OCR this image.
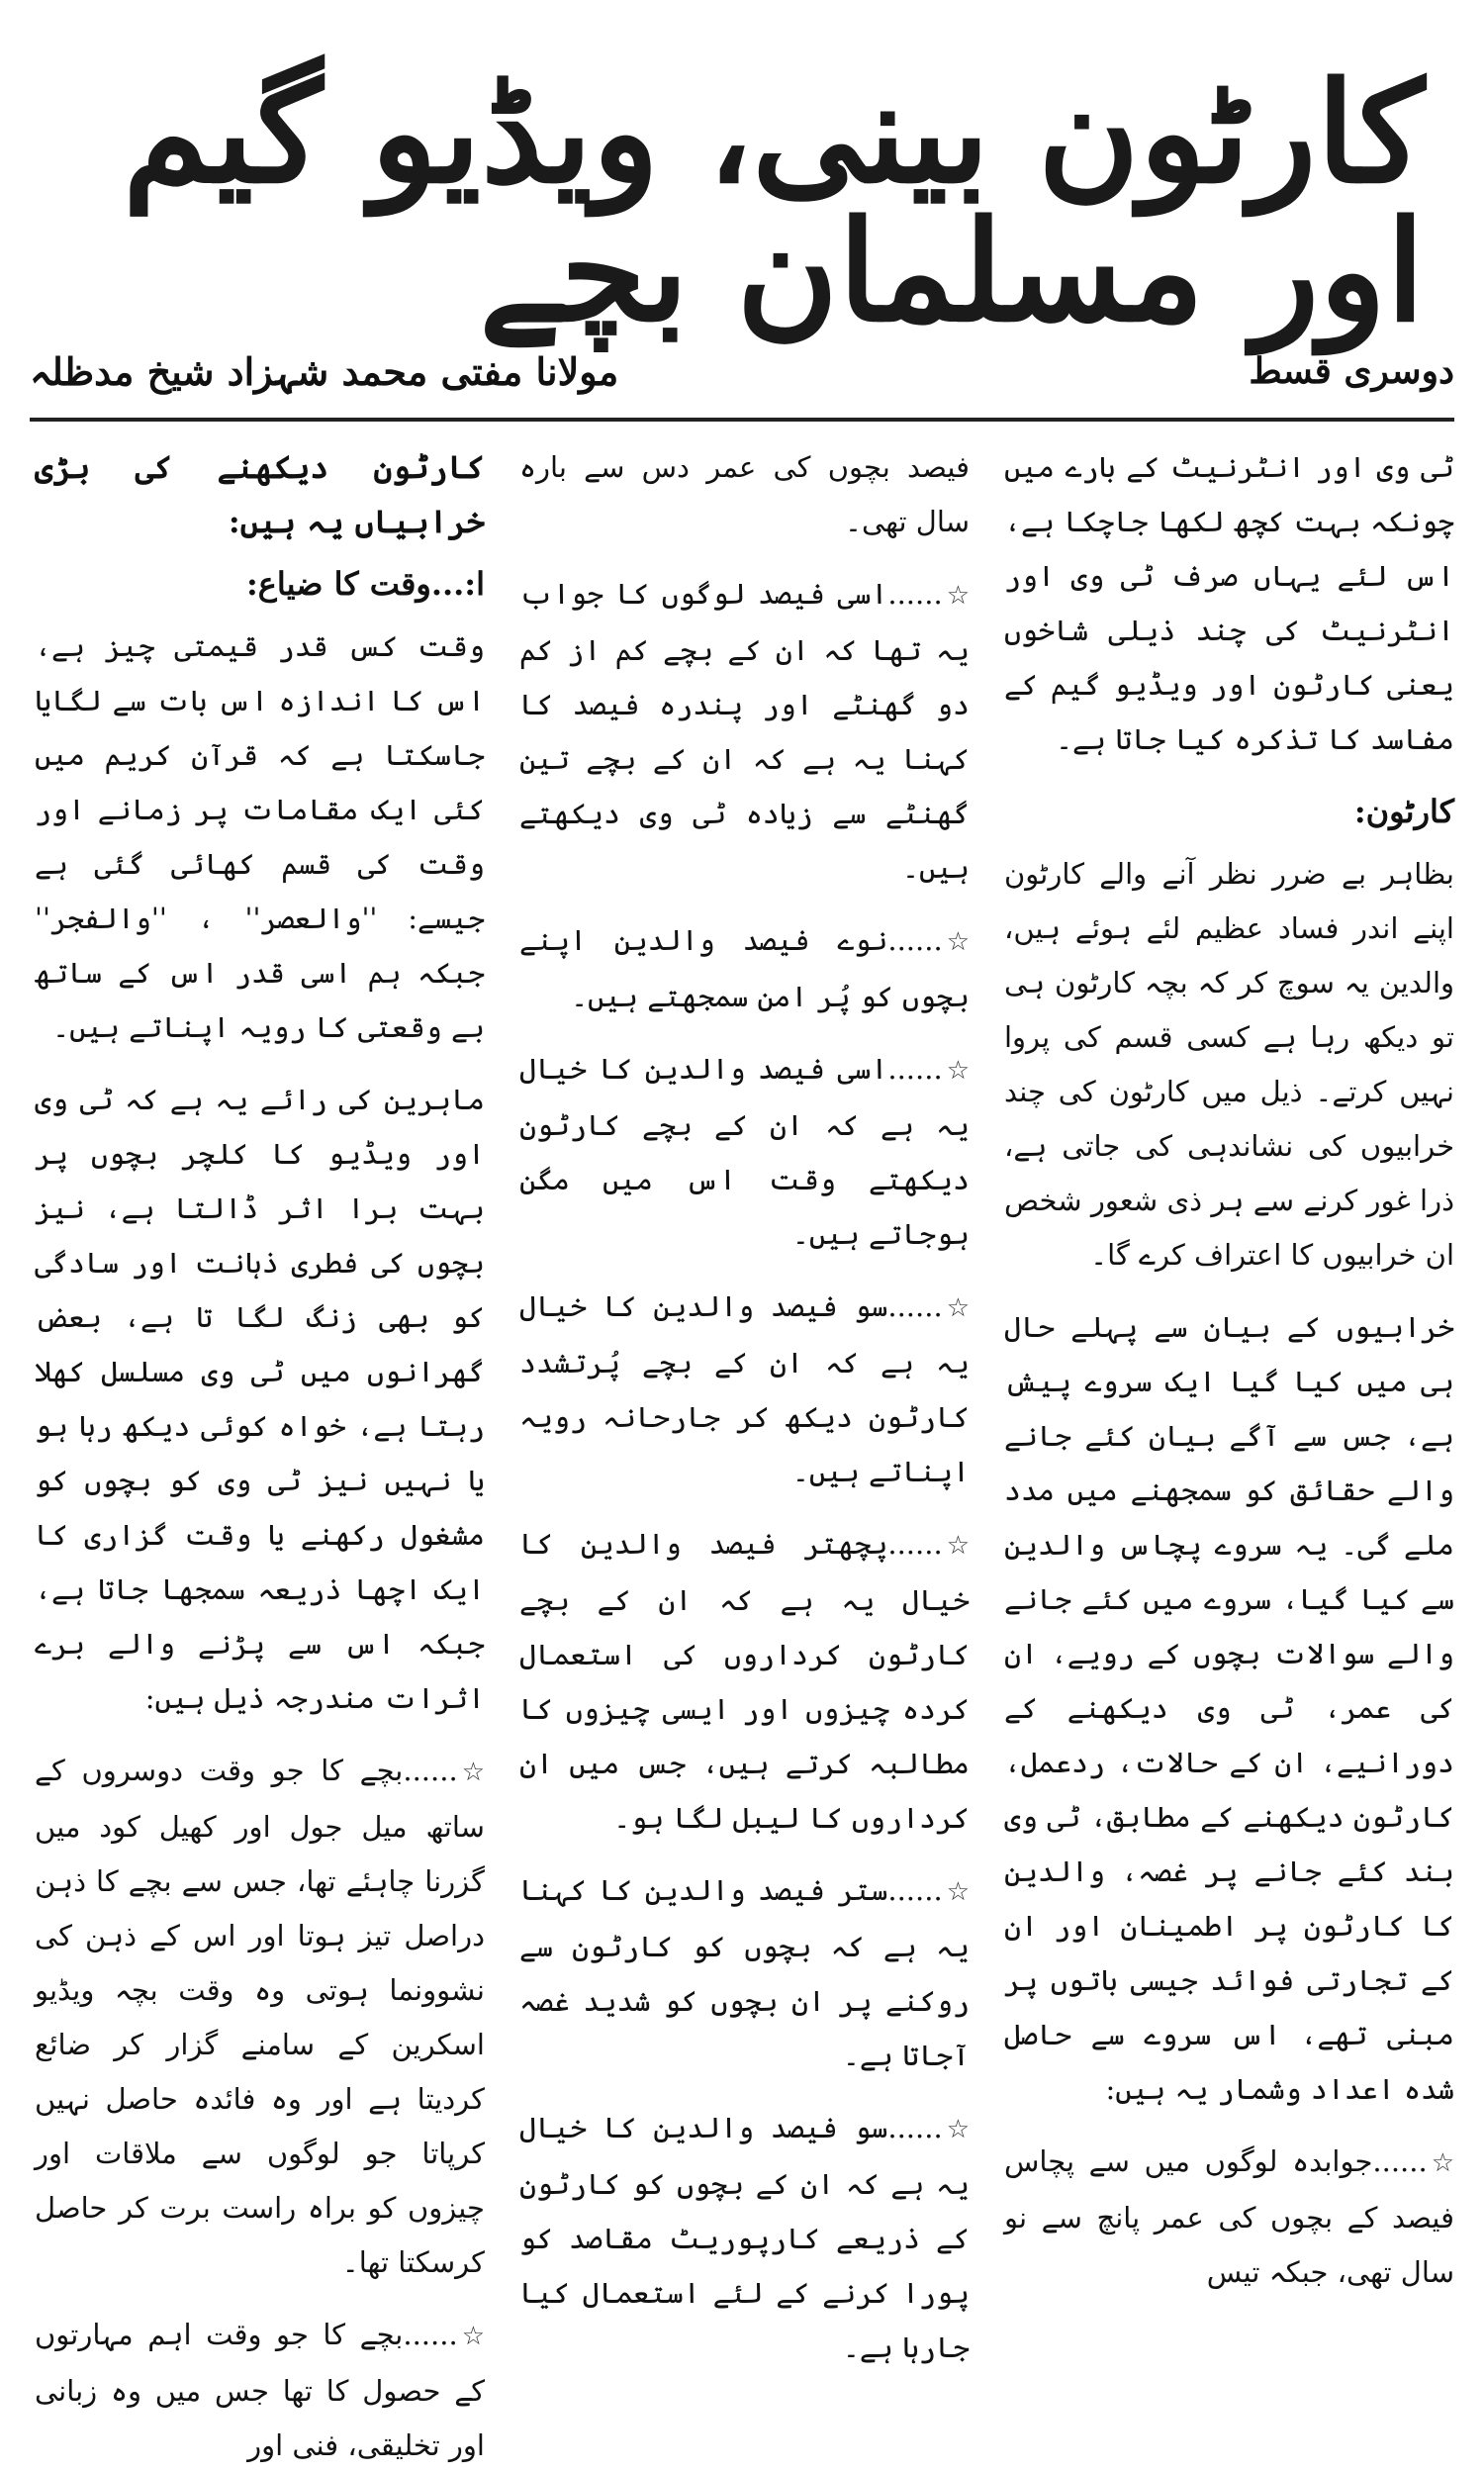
کارٹون بینی، ویڈیو گیم اور مسلمان بچے
دوسری قسط
مولانا مفتی محمد شہزاد شیخ مدظلہ

ٹی وی اور انٹرنیٹ کے بارے میں چونکہ بہت کچھ لکھا جاچکا ہے، اس لئے یہاں صرف ٹی وی اور انٹرنیٹ کی چند ذیلی شاخوں یعنی کارٹون اور ویڈیو گیم کے مفاسد کا تذکرہ کیا جاتا ہے۔

کارٹون:

بظاہر بے ضرر نظر آنے والے کارٹون اپنے اندر فساد عظیم لئے ہوئے ہیں، والدین یہ سوچ کر کہ بچہ کارٹون ہی تو دیکھ رہا ہے کسی قسم کی پروا نہیں کرتے۔ ذیل میں کارٹون کی چند خرابیوں کی نشاندہی کی جاتی ہے، ذرا غور کرنے سے ہر ذی شعور شخص ان خرابیوں کا اعتراف کرے گا۔

خرابیوں کے بیان سے پہلے حال ہی میں کیا گیا ایک سروے پیش ہے، جس سے آگے بیان کئے جانے والے حقائق کو سمجھنے میں مدد ملے گی۔ یہ سروے پچاس والدین سے کیا گیا، سروے میں کئے جانے والے سوالات بچوں کے رویے، ان کی عمر، ٹی وی دیکھنے کے دورانیے، ان کے حالات، ردعمل، کارٹون دیکھنے کے مطابق، ٹی وی بند کئے جانے پر غصہ، والدین کا کارٹون پر اطمینان اور ان کے تجارتی فوائد جیسی باتوں پر مبنی تھے، اس سروے سے حاصل شدہ اعداد وشمار یہ ہیں:

☆......جوابدہ لوگوں میں سے پچاس فیصد کے بچوں کی عمر پانچ سے نو سال تھی، جبکہ تیس

فیصد بچوں کی عمر دس سے بارہ سال تھی۔

☆......اسی فیصد لوگوں کا جواب یہ تھا کہ ان کے بچے کم از کم دو گھنٹے اور پندرہ فیصد کا کہنا یہ ہے کہ ان کے بچے تین گھنٹے سے زیادہ ٹی وی دیکھتے ہیں۔

☆......نوے فیصد والدین اپنے بچوں کو پُر امن سمجھتے ہیں۔

☆......اسی فیصد والدین کا خیال یہ ہے کہ ان کے بچے کارٹون دیکھتے وقت اس میں مگن ہوجاتے ہیں۔

☆......سو فیصد والدین کا خیال یہ ہے کہ ان کے بچے پُرتشدد کارٹون دیکھ کر جارحانہ رویہ اپناتے ہیں۔

☆......پچھتر فیصد والدین کا خیال یہ ہے کہ ان کے بچے کارٹون کرداروں کی استعمال کردہ چیزوں اور ایسی چیزوں کا مطالبہ کرتے ہیں، جس میں ان کرداروں کا لیبل لگا ہو۔

☆......ستر فیصد والدین کا کہنا یہ ہے کہ بچوں کو کارٹون سے روکنے پر ان بچوں کو شدید غصہ آجاتا ہے۔

☆......سو فیصد والدین کا خیال یہ ہے کہ ان کے بچوں کو کارٹون کے ذریعے کارپوریٹ مقاصد کو پورا کرنے کے لئے استعمال کیا جارہا ہے۔

کارٹون دیکھنے کی بڑی خرابیاں یہ ہیں:

ا:...وقت کا ضیاع:

وقت کس قدر قیمتی چیز ہے، اس کا اندازہ اس بات سے لگایا جاسکتا ہے کہ قرآن کریم میں کئی ایک مقامات پر زمانے اور وقت کی قسم کھائی گئی ہے جیسے: ''والعصر'' ، ''والفجر'' جبکہ ہم اسی قدر اس کے ساتھ بے وقعتی کا رویہ اپناتے ہیں۔

ماہرین کی رائے یہ ہے کہ ٹی وی اور ویڈیو کا کلچر بچوں پر بہت برا اثر ڈالتا ہے، نیز بچوں کی فطری ذہانت اور سادگی کو بھی زنگ لگا تا ہے، بعض گھرانوں میں ٹی وی مسلسل کھلا رہتا ہے، خواہ کوئی دیکھ رہا ہو یا نہیں نیز ٹی وی کو بچوں کو مشغول رکھنے یا وقت گزاری کا ایک اچھا ذریعہ سمجھا جاتا ہے، جبکہ اس سے پڑنے والے برے اثرات مندرجہ ذیل ہیں:

☆......بچے کا جو وقت دوسروں کے ساتھ میل جول اور کھیل کود میں گزرنا چاہئے تھا، جس سے بچے کا ذہن دراصل تیز ہوتا اور اس کے ذہن کی نشوونما ہوتی وہ وقت بچہ ویڈیو اسکرین کے سامنے گزار کر ضائع کردیتا ہے اور وہ فائدہ حاصل نہیں کرپاتا جو لوگوں سے ملاقات اور چیزوں کو براہ راست برت کر حاصل کرسکتا تھا۔

☆......بچے کا جو وقت اہم مہارتوں کے حصول کا تھا جس میں وہ زبانی اور تخلیقی، فنی اور
